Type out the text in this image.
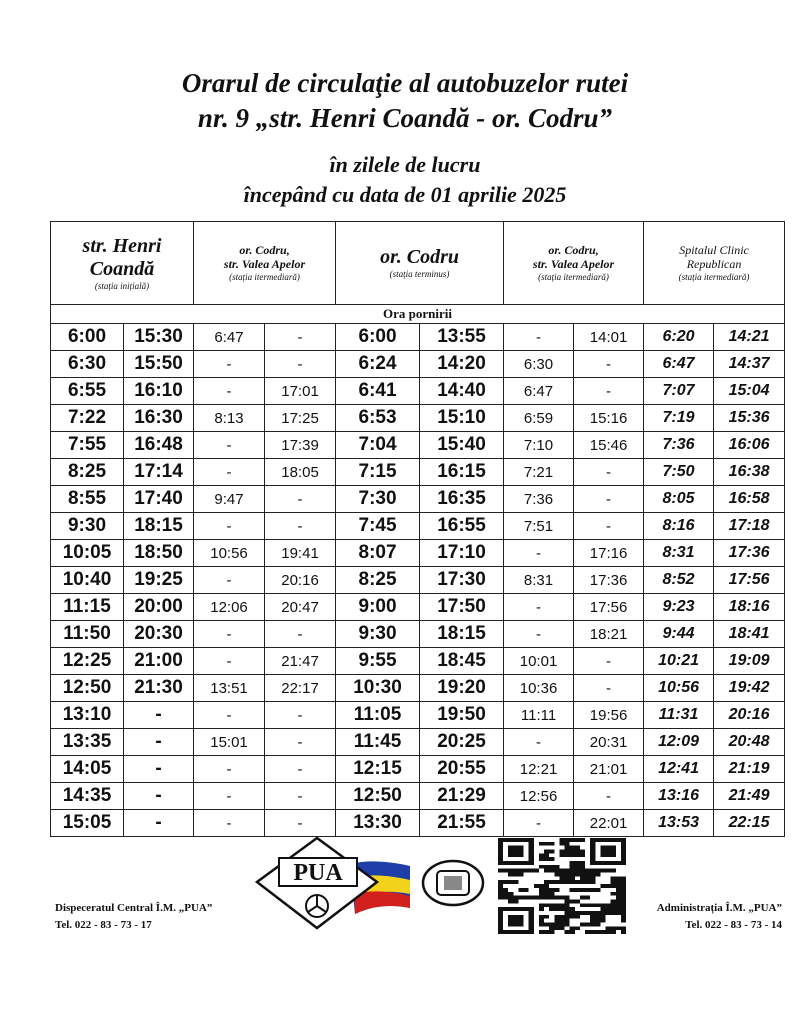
Orarul de circulaţie al autobuzelor rutei
nr. 9 „str. Henri Coandă - or. Codru”
în zilele de lucru
începând cu data de 01 aprilie 2025
str. Henri
Coandă
(stația inițială)		or. Codru,
str. Valea Apelor
(stația itermediară)		or. Codru
(stația terminus)		or. Codru,
str. Valea Apelor
(stația itermediară)		Spitalul Clinic
Republican
(stația itermediară)	

Ora pornirii									
6:00	15:30	6:47	-	6:00	13:55	-	14:01	6:20	14:21
6:30	15:50	-	-	6:24	14:20	6:30	-	6:47	14:37
6:55	16:10	-	17:01	6:41	14:40	6:47	-	7:07	15:04
7:22	16:30	8:13	17:25	6:53	15:10	6:59	15:16	7:19	15:36
7:55	16:48	-	17:39	7:04	15:40	7:10	15:46	7:36	16:06
8:25	17:14	-	18:05	7:15	16:15	7:21	-	7:50	16:38
8:55	17:40	9:47	-	7:30	16:35	7:36	-	8:05	16:58
9:30	18:15	-	-	7:45	16:55	7:51	-	8:16	17:18
10:05	18:50	10:56	19:41	8:07	17:10	-	17:16	8:31	17:36
10:40	19:25	-	20:16	8:25	17:30	8:31	17:36	8:52	17:56
11:15	20:00	12:06	20:47	9:00	17:50	-	17:56	9:23	18:16
11:50	20:30	-	-	9:30	18:15	-	18:21	9:44	18:41
12:25	21:00	-	21:47	9:55	18:45	10:01	-	10:21	19:09
12:50	21:30	13:51	22:17	10:30	19:20	10:36	-	10:56	19:42
13:10	-	-	-	11:05	19:50	11:11	19:56	11:31	20:16
13:35	-	15:01	-	11:45	20:25	-	20:31	12:09	20:48
14:05	-	-	-	12:15	20:55	12:21	21:01	12:41	21:19
14:35	-	-	-	12:50	21:29	12:56	-	13:16	21:49
15:05	-	-	-	13:30	21:55	-	22:01	13:53	22:15
Dispeceratul Central Î.M. „PUA”
Tel. 022 - 83 - 73 - 17
Administrația Î.M. „PUA”
Tel. 022 - 83 - 73 - 14
PUA
